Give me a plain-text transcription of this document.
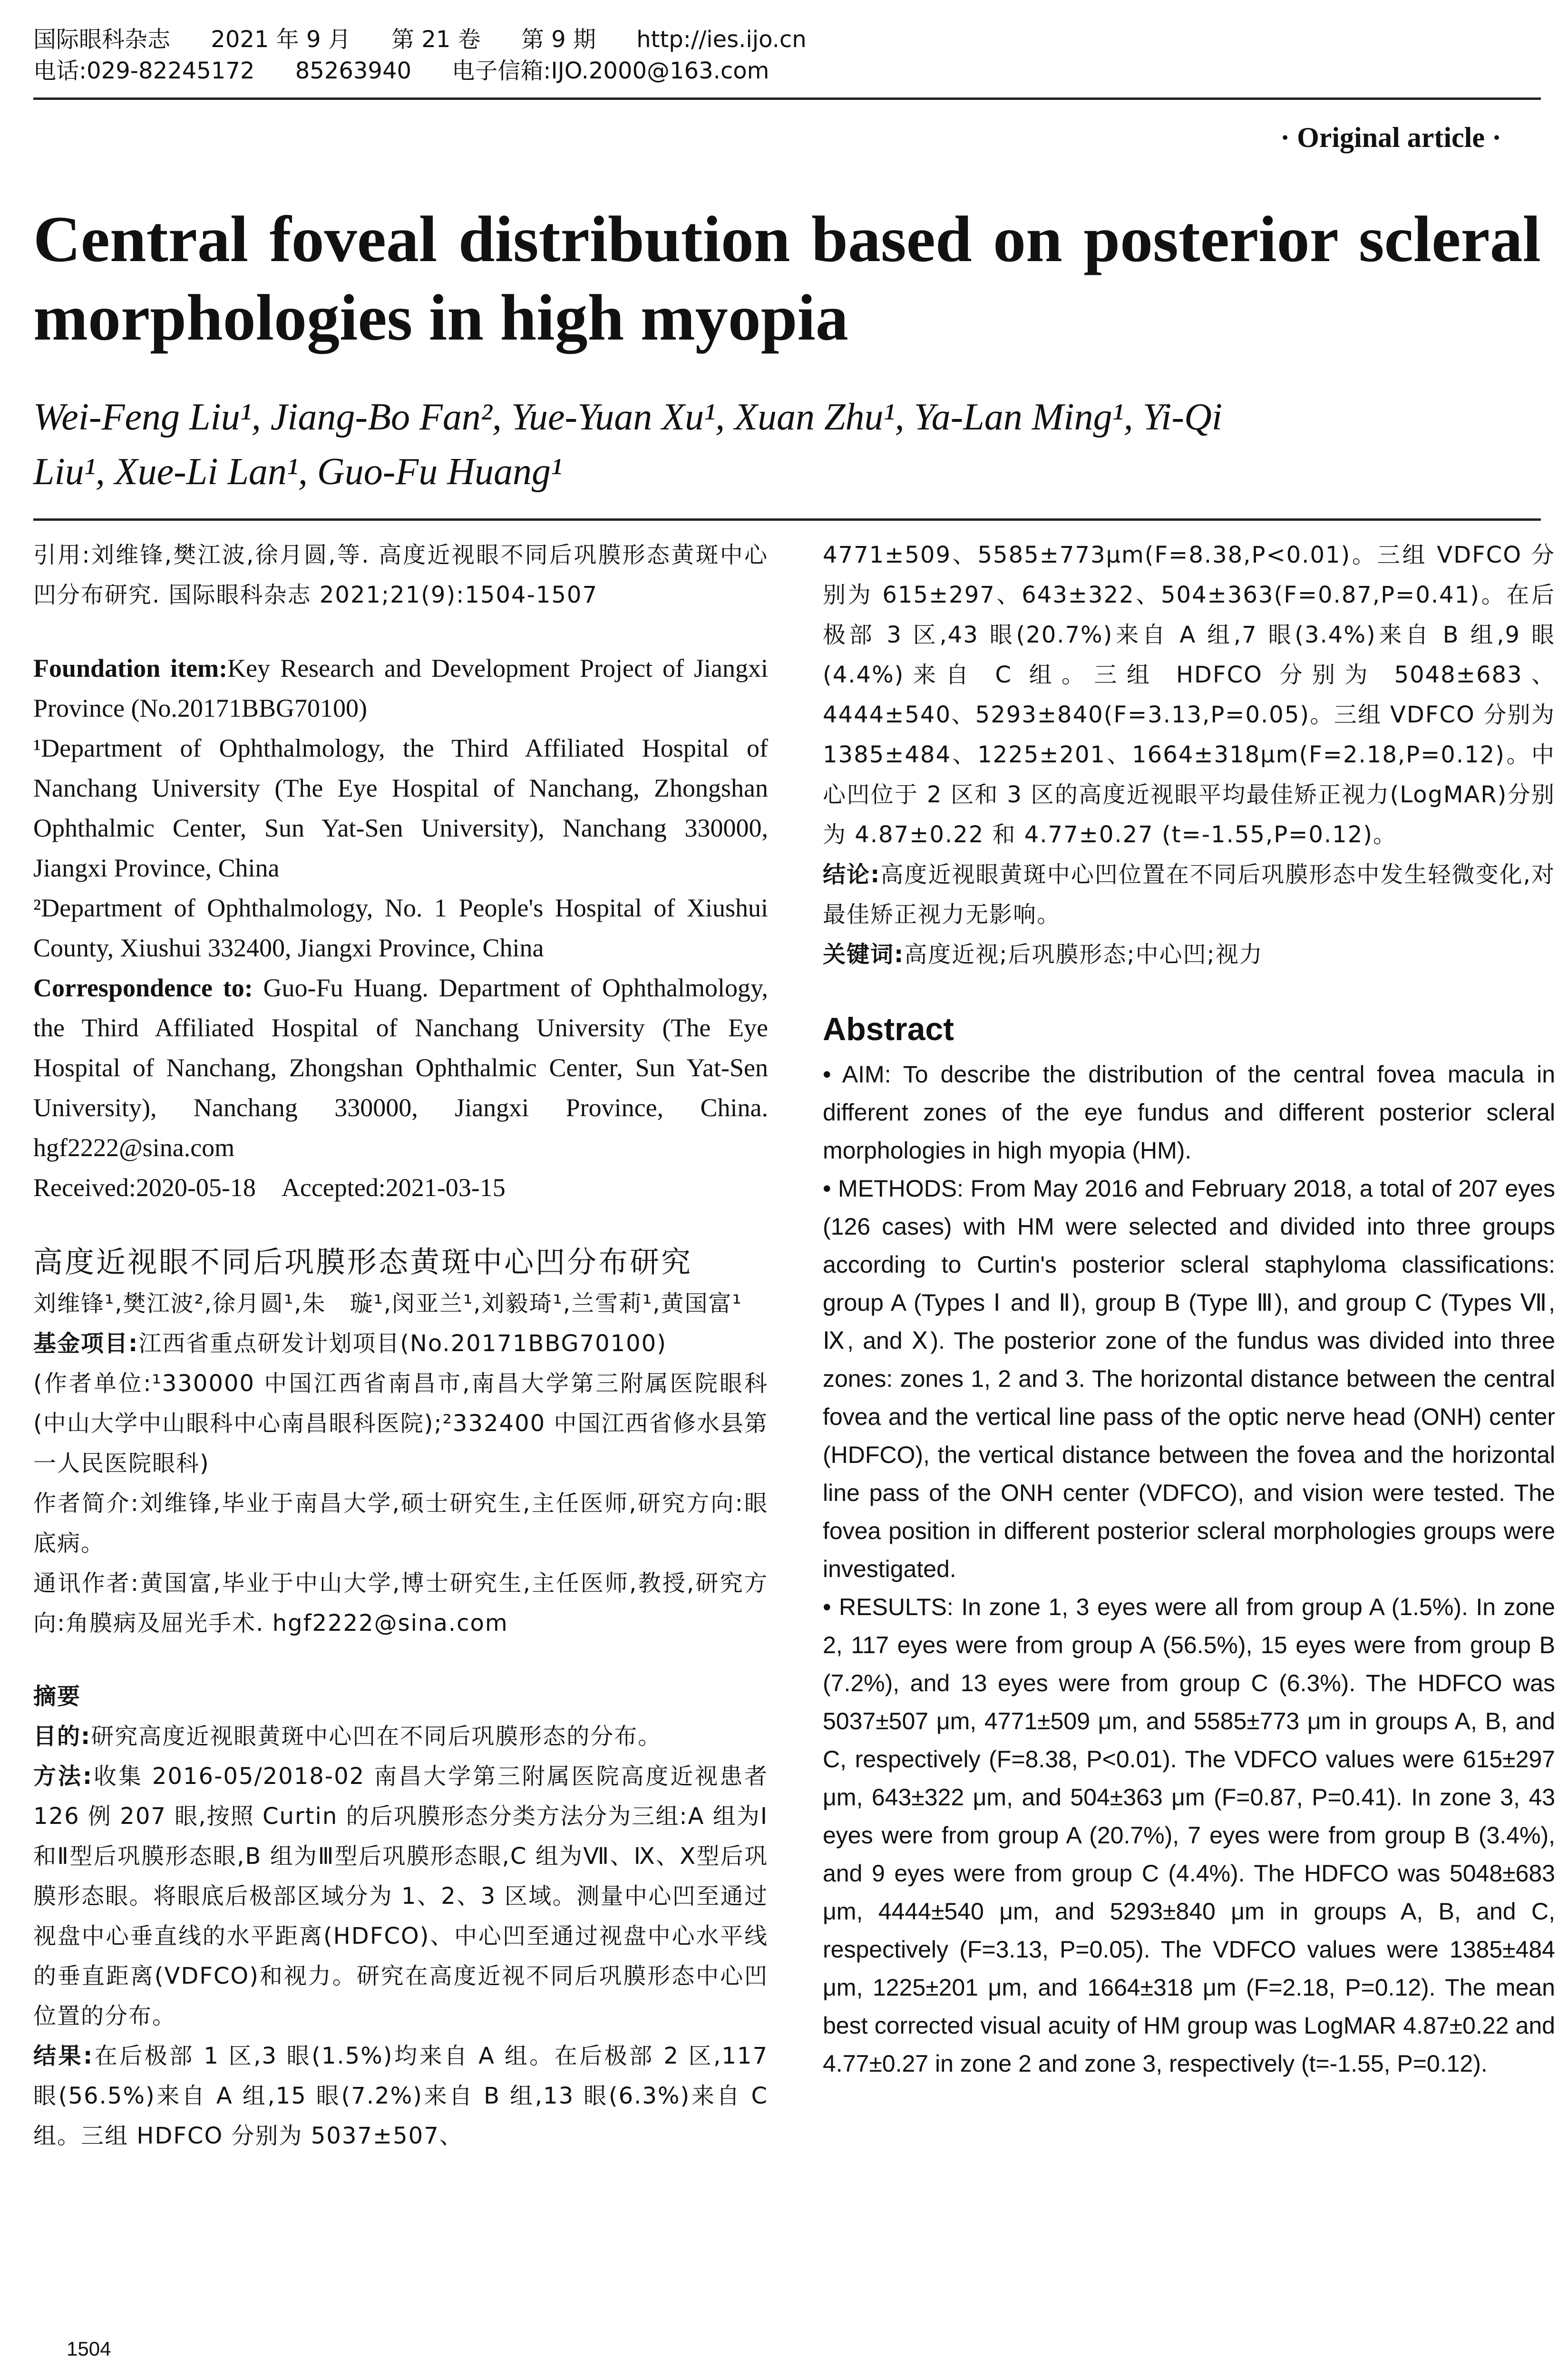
国际眼科杂志 2021 年 9 月 第 21 卷 第 9 期 http://ies.ijo.cn
电话:029-82245172 85263940 电子信箱:IJO.2000@163.com
· Original article ·
Central foveal distribution based on posterior scleral morphologies in high myopia
Wei-Feng Liu¹, Jiang-Bo Fan², Yue-Yuan Xu¹, Xuan Zhu¹, Ya-Lan Ming¹, Yi-Qi
Liu¹, Xue-Li Lan¹, Guo-Fu Huang¹

引用:刘维锋,樊江波,徐月圆,等. 高度近视眼不同后巩膜形态黄斑中心凹分布研究. 国际眼科杂志 2021;21(9):1504-1507

Foundation item:Key Research and Development Project of Jiangxi Province (No.20171BBG70100)

¹Department of Ophthalmology, the Third Affiliated Hospital of Nanchang University (The Eye Hospital of Nanchang, Zhongshan Ophthalmic Center, Sun Yat-Sen University), Nanchang 330000, Jiangxi Province, China

²Department of Ophthalmology, No. 1 People's Hospital of Xiushui County, Xiushui 332400, Jiangxi Province, China

Correspondence to: Guo-Fu Huang. Department of Ophthalmology, the Third Affiliated Hospital of Nanchang University (The Eye Hospital of Nanchang, Zhongshan Ophthalmic Center, Sun Yat-Sen University), Nanchang 330000, Jiangxi Province, China. hgf2222@sina.com

Received:2020-05-18 Accepted:2021-03-15

高度近视眼不同后巩膜形态黄斑中心凹分布研究

刘维锋¹,樊江波²,徐月圆¹,朱　璇¹,闵亚兰¹,刘毅琦¹,兰雪莉¹,黄国富¹

基金项目:江西省重点研发计划项目(No.20171BBG70100)

(作者单位:¹330000 中国江西省南昌市,南昌大学第三附属医院眼科(中山大学中山眼科中心南昌眼科医院);²332400 中国江西省修水县第一人民医院眼科)

作者简介:刘维锋,毕业于南昌大学,硕士研究生,主任医师,研究方向:眼底病。

通讯作者:黄国富,毕业于中山大学,博士研究生,主任医师,教授,研究方向:角膜病及屈光手术. hgf2222@sina.com

摘要

目的:研究高度近视眼黄斑中心凹在不同后巩膜形态的分布。

方法:收集 2016-05/2018-02 南昌大学第三附属医院高度近视患者 126 例 207 眼,按照 Curtin 的后巩膜形态分类方法分为三组:A 组为Ⅰ和Ⅱ型后巩膜形态眼,B 组为Ⅲ型后巩膜形态眼,C 组为Ⅶ、Ⅸ、Ⅹ型后巩膜形态眼。将眼底后极部区域分为 1、2、3 区域。测量中心凹至通过视盘中心垂直线的水平距离(HDFCO)、中心凹至通过视盘中心水平线的垂直距离(VDFCO)和视力。研究在高度近视不同后巩膜形态中心凹位置的分布。

结果:在后极部 1 区,3 眼(1.5%)均来自 A 组。在后极部 2 区,117 眼(56.5%)来自 A 组,15 眼(7.2%)来自 B 组,13 眼(6.3%)来自 C 组。三组 HDFCO 分别为 5037±507、

4771±509、5585±773μm(F=8.38,P<0.01)。三组 VDFCO 分别为 615±297、643±322、504±363(F=0.87,P=0.41)。在后极部 3 区,43 眼(20.7%)来自 A 组,7 眼(3.4%)来自 B 组,9 眼(4.4%)来自 C 组。三组 HDFCO 分别为 5048±683、4444±540、5293±840(F=3.13,P=0.05)。三组 VDFCO 分别为 1385±484、1225±201、1664±318μm(F=2.18,P=0.12)。中心凹位于 2 区和 3 区的高度近视眼平均最佳矫正视力(LogMAR)分别为 4.87±0.22 和 4.77±0.27 (t=-1.55,P=0.12)。

结论:高度近视眼黄斑中心凹位置在不同后巩膜形态中发生轻微变化,对最佳矫正视力无影响。

关键词:高度近视;后巩膜形态;中心凹;视力

Abstract

• AIM: To describe the distribution of the central fovea macula in different zones of the eye fundus and different posterior scleral morphologies in high myopia (HM).

• METHODS: From May 2016 and February 2018, a total of 207 eyes (126 cases) with HM were selected and divided into three groups according to Curtin's posterior scleral staphyloma classifications: group A (Types Ⅰ and Ⅱ), group B (Type Ⅲ), and group C (Types Ⅶ, Ⅸ, and Ⅹ). The posterior zone of the fundus was divided into three zones: zones 1, 2 and 3. The horizontal distance between the central fovea and the vertical line pass of the optic nerve head (ONH) center (HDFCO), the vertical distance between the fovea and the horizontal line pass of the ONH center (VDFCO), and vision were tested. The fovea position in different posterior scleral morphologies groups were investigated.

• RESULTS: In zone 1, 3 eyes were all from group A (1.5%). In zone 2, 117 eyes were from group A (56.5%), 15 eyes were from group B (7.2%), and 13 eyes were from group C (6.3%). The HDFCO was 5037±507 μm, 4771±509 μm, and 5585±773 μm in groups A, B, and C, respectively (F=8.38, P<0.01). The VDFCO values were 615±297 μm, 643±322 μm, and 504±363 μm (F=0.87, P=0.41). In zone 3, 43 eyes were from group A (20.7%), 7 eyes were from group B (3.4%), and 9 eyes were from group C (4.4%). The HDFCO was 5048±683 μm, 4444±540 μm, and 5293±840 μm in groups A, B, and C, respectively (F=3.13, P=0.05). The VDFCO values were 1385±484 μm, 1225±201 μm, and 1664±318 μm (F=2.18, P=0.12). The mean best corrected visual acuity of HM group was LogMAR 4.87±0.22 and 4.77±0.27 in zone 2 and zone 3, respectively (t=-1.55, P=0.12).

1504
